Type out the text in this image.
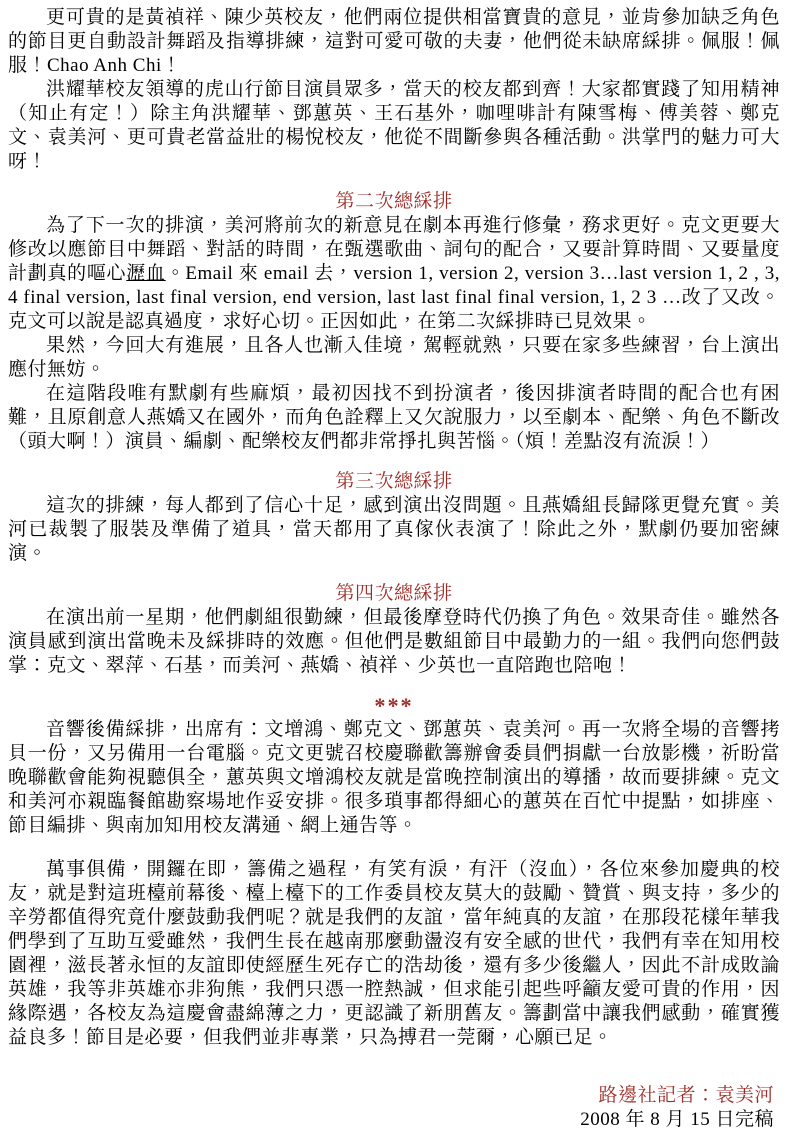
更可貴的是黃禎祥、陳少英校友，他們兩位提供相當寶貴的意見，並肯參加缺乏角色的節目更自動設計舞蹈及指導排練，這對可愛可敬的夫妻，他們從未缺席綵排。佩服！佩服！Chao Anh Chi！

洪耀華校友領導的虎山行節目演員眾多，當天的校友都到齊！大家都實踐了知用精神（知止有定！）除主角洪耀華、鄧蕙英、王石基外，咖哩啡計有陳雪梅、傅美蓉、鄭克文、袁美河、更可貴老當益壯的楊悅校友，他從不間斷參與各種活動。洪掌門的魅力可大呀！

第二次總綵排

為了下一次的排演，美河將前次的新意見在劇本再進行修彙，務求更好。克文更要大修改以應節目中舞蹈、對話的時間，在甄選歌曲、詞句的配合，又要計算時間、又要量度計劃真的嘔心瀝血。Email 來 email 去，version 1, version 2, version 3…last version 1, 2 , 3, 4 final version, last final version, end version, last last final final version, 1, 2 3 …改了又改。克文可以說是認真過度，求好心切。正因如此，在第二次綵排時已見效果。

果然，今回大有進展，且各人也漸入佳境，駕輕就熟，只要在家多些練習，台上演出應付無妨。

在這階段唯有默劇有些麻煩，最初因找不到扮演者，後因排演者時間的配合也有困難，且原創意人燕嬌又在國外，而角色詮釋上又欠說服力，以至劇本、配樂、角色不斷改（頭大啊！）演員、編劇、配樂校友們都非常掙扎與苦惱。（煩！差點沒有流淚！）

第三次總綵排

這次的排練，每人都到了信心十足，感到演出沒問題。且燕嬌組長歸隊更覺充實。美河已裁製了服裝及準備了道具，當天都用了真傢伙表演了！除此之外，默劇仍要加密練演。

第四次總綵排

在演出前一星期，他們劇組很勤練，但最後摩登時代仍換了角色。效果奇佳。雖然各演員感到演出當晚未及綵排時的效應。但他們是數組節目中最勤力的一組。我們向您們鼓掌：克文、翠萍、石基，而美河、燕嬌、禎祥、少英也一直陪跑也陪咆！

***

音響後備綵排，出席有：文增鴻、鄭克文、鄧蕙英、袁美河。再一次將全場的音響拷貝一份，又另備用一台電腦。克文更號召校慶聯歡籌辦會委員們捐獻一台放影機，祈盼當晚聯歡會能夠視聽俱全，蕙英與文增鴻校友就是當晚控制演出的導播，故而要排練。克文和美河亦親臨餐館勘察場地作妥安排。很多瑣事都得細心的蕙英在百忙中提點，如排座、節目編排、與南加知用校友溝通、網上通告等。

萬事俱備，開鑼在即，籌備之過程，有笑有淚，有汗（沒血），各位來參加慶典的校友，就是對這班檯前幕後、檯上檯下的工作委員校友莫大的鼓勵、贊賞、與支持，多少的辛勞都值得究竟什麼鼓動我們呢？就是我們的友誼，當年純真的友誼，在那段花樣年華我們學到了互助互愛雖然，我們生長在越南那麼動盪沒有安全感的世代，我們有幸在知用校園裡，滋長著永恒的友誼即使經歷生死存亡的浩劫後，還有多少後繼人，因此不計成敗論英雄，我等非英雄亦非狗熊，我們只憑一腔熱誠，但求能引起些呼籲友愛可貴的作用，因緣際遇，各校友為這慶會盡綿薄之力，更認識了新朋舊友。籌劃當中讓我們感動，確實獲益良多！節目是必要，但我們並非專業，只為搏君一莞爾，心願已足。

路邊社記者：袁美河

2008 年 8 月 15 日完稿
